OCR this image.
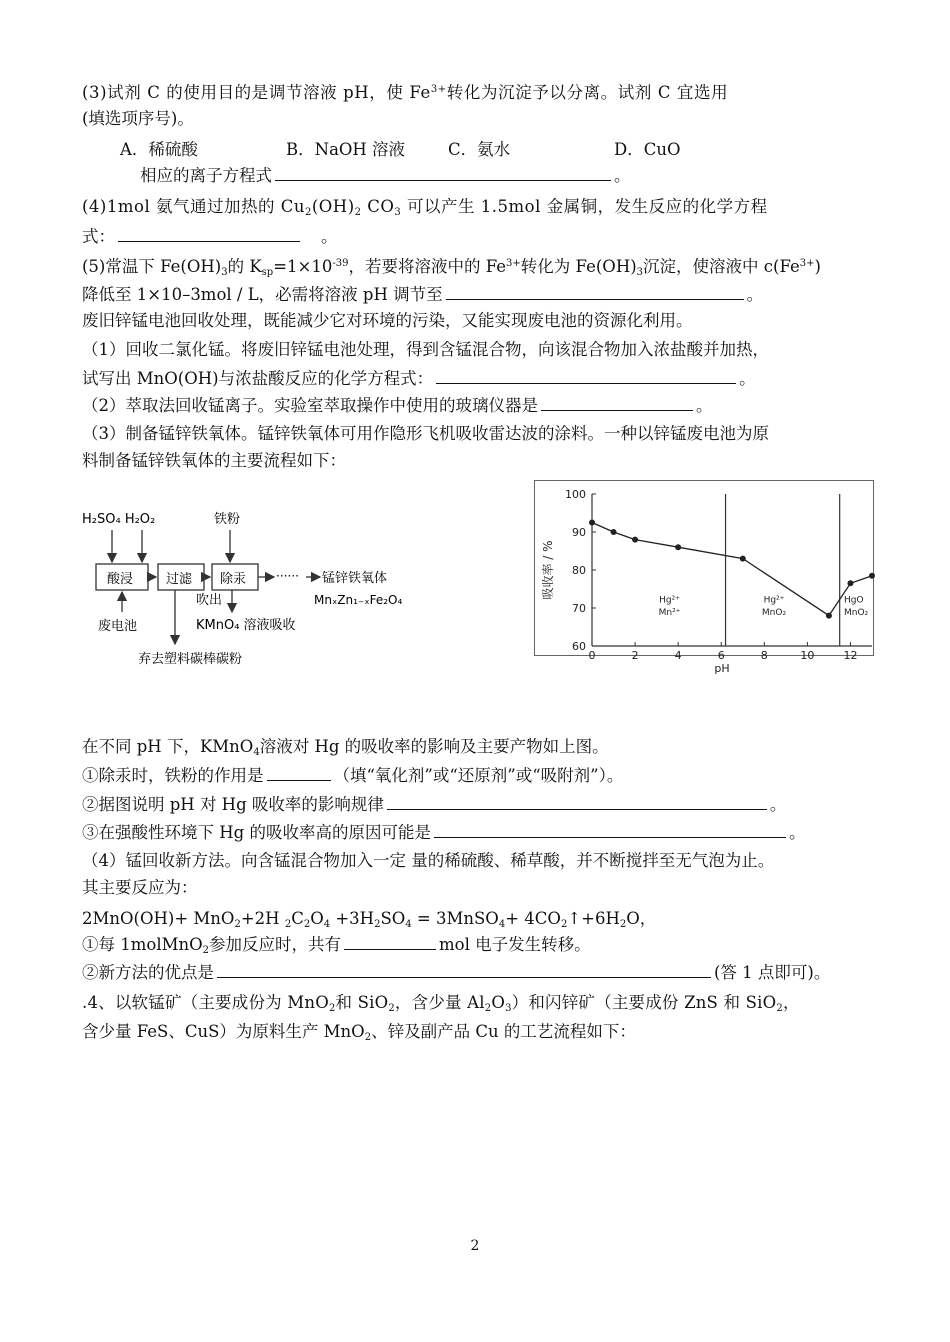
(3)试剂 C 的使用目的是调节溶液 pH，使 $Fe^{3+}$转化为沉淀予以分离。试剂 C 宜选用
(填选项序号)。
A．稀硫酸	B．NaOH 溶液	C．氨水	D．CuO
相应的离子方程式	。
(4)1mol 氨气通过加热的 $Cu_2(OH)_2$ $CO_3$ 可以产生 1.5mol 金属铜，发生反应的化学方程
式：	。
(5)常温下 $Fe(OH)_3$的 $K_{sp}=1\times 10^{-39}$，若要将溶液中的 $Fe^{3+}$转化为 $Fe(OH)_3$沉淀，使溶液中 $c(Fe^{3+})$
降低至 1×10–3mol / L，必需将溶液 pH 调节至	。
废旧锌锰电池回收处理，既能减少它对环境的污染，又能实现废电池的资源化利用。
（1）回收二氯化锰。将废旧锌锰电池处理，得到含锰混合物，向该混合物加入浓盐酸并加热，
试写出 MnO(OH)与浓盐酸反应的化学方程式：	。
（2）萃取法回收锰离子。实验室萃取操作中使用的玻璃仪器是	。
（3）制备锰锌铁氧体。锰锌铁氧体可用作隐形飞机吸收雷达波的涂料。一种以锌锰废电池为原
料制备锰锌铁氧体的主要流程如下：
H₂SO₄ H₂O₂	铁粉
酸浸	过滤 除汞 ······ 锰锌铁氧体
MnₓZn₁₋ₓFe₂O₄
废电池
吹出
KMnO₄ 溶液吸收
弃去塑料碳棒碳粉
60
70
80
90
100
0	2	4	6	8	10	12
pH
吸收率 / %
Hg²⁺
Mn²⁺
Hg²⁺
MnO₂
HgO
MnO₂
在不同 pH 下，KMnO$_4$溶液对 Hg 的吸收率的影响及主要产物如上图。
①除汞时，铁粉的作用是	（填“氧化剂”或“还原剂”或“吸附剂”）。
②据图说明 pH 对 Hg 吸收率的影响规律	。
③在强酸性环境下 Hg 的吸收率高的原因可能是	。
（4）锰回收新方法。向含锰混合物加入一定 量的稀硫酸、稀草酸，并不断搅拌至无气泡为止。
其主要反应为：
2MnO(OH)+ MnO$_2$+2H $_2C_2O_4 +3H_2SO_4$ = 3MnSO$_4$+ $4CO_2↑+6H_2O$，
①每 1molMnO$_2$参加反应时，共有	mol 电子发生转移。
②新方法的优点是	(答 1 点即可)。
.4、以软锰矿（主要成份为 MnO$_2$和 SiO$_2$，含少量 $Al_2O_3$）和闪锌矿（主要成份 ZnS 和 SiO$_2$，
含少量 FeS、CuS）为原料生产 MnO$_2$、锌及副产品 Cu 的工艺流程如下：
2
